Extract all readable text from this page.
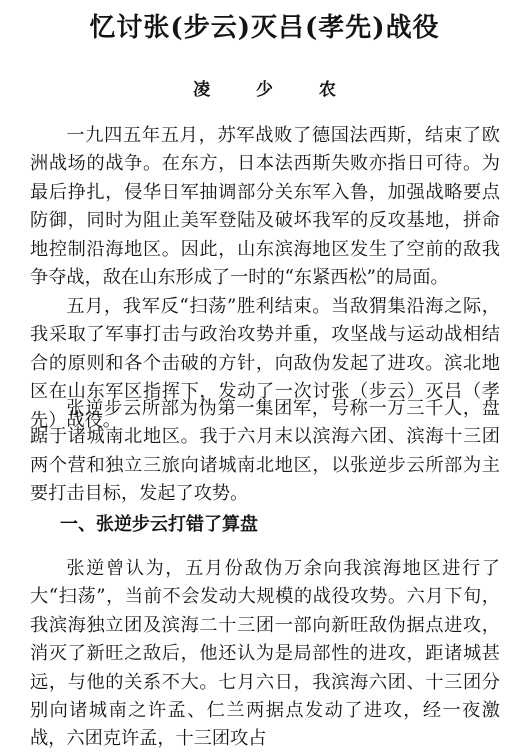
忆讨张(步云)灭吕(孝先)战役
凌 少 农

一九四五年五月，苏军战败了德国法西斯，结束了欧洲战场的战争。在东方，日本法西斯失败亦指日可待。为最后挣扎，侵华日军抽调部分关东军入鲁，加强战略要点防御，同时为阻止美军登陆及破坏我军的反攻基地，拼命地控制沿海地区。因此，山东滨海地区发生了空前的敌我争夺战，敌在山东形成了一时的“东紧西松”的局面。

五月，我军反“扫荡”胜利结束。当敌猬集沿海之际，我采取了军事打击与政治攻势并重，攻坚战与运动战相结合的原则和各个击破的方针，向敌伪发起了进攻。滨北地区在山东军区指挥下，发动了一次讨张（步云）灭吕（孝先）战役。

张逆步云所部为伪第一集团军，号称一万三千人，盘踞于诸城南北地区。我于六月末以滨海六团、滨海十三团两个营和独立三旅向诸城南北地区，以张逆步云所部为主要打击目标，发起了攻势。

一、张逆步云打错了算盘

张逆曾认为，五月份敌伪万余向我滨海地区进行了大“扫荡”，当前不会发动大规模的战役攻势。六月下旬，我滨海独立团及滨海二十三团一部向新旺敌伪据点进攻，消灭了新旺之敌后，他还认为是局部性的进攻，距诸城甚远，与他的关系不大。七月六日，我滨海六团、十三团分别向诸城南之许孟、仁兰两据点发动了进攻，经一夜激战，六团克许孟，十三团攻占
